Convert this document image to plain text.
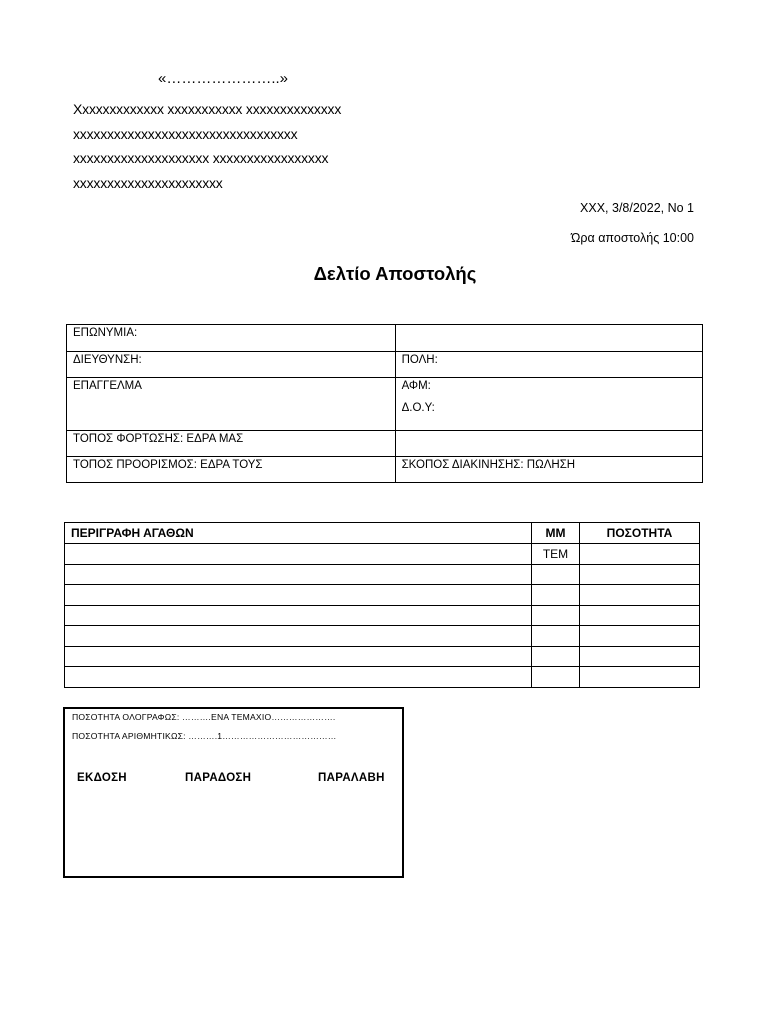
«…………………..»
Χxxxxxxxxxxxx xxxxxxxxxxx xxxxxxxxxxxxxx
xxxxxxxxxxxxxxxxxxxxxxxxxxxxxxxxx
xxxxxxxxxxxxxxxxxxxx xxxxxxxxxxxxxxxxx
xxxxxxxxxxxxxxxxxxxxxx
XXX, 3/8/2022, Νο 1
Ώρα αποστολής 10:00
Δελτίο Αποστολής
ΕΠΩΝΥΜΙΑ:	
ΔΙΕΥΘΥΝΣΗ:	ΠΟΛΗ:
ΕΠΑΓΓΕΛΜΑ	ΑΦΜ:
Δ.Ο.Υ:

ΤΟΠΟΣ ΦΟΡΤΩΣΗΣ: ΕΔΡΑ ΜΑΣ	
ΤΟΠΟΣ ΠΡΟΟΡΙΣΜΟΣ: ΕΔΡΑ ΤΟΥΣ	ΣΚΟΠΟΣ ΔΙΑΚΙΝΗΣΗΣ: ΠΩΛΗΣΗ
ΠΕΡΙΓΡΑΦΗ ΑΓΑΘΩΝ	ΜΜ	ΠΟΣΟΤΗΤΑ
	ΤΕΜ	

ΠΟΣΟΤΗΤΑ ΟΛΟΓΡΑΦΩΣ: ……….ΕΝΑ ΤΕΜΑΧΙΟ………………….
ΠΟΣΟΤΗΤΑ ΑΡΙΘΜΗΤΙΚΩΣ: ……….1…………………………………
ΕΚΔΟΣΗ	ΠΑΡΑΔΟΣΗ	ΠΑΡΑΛΑΒΗ
